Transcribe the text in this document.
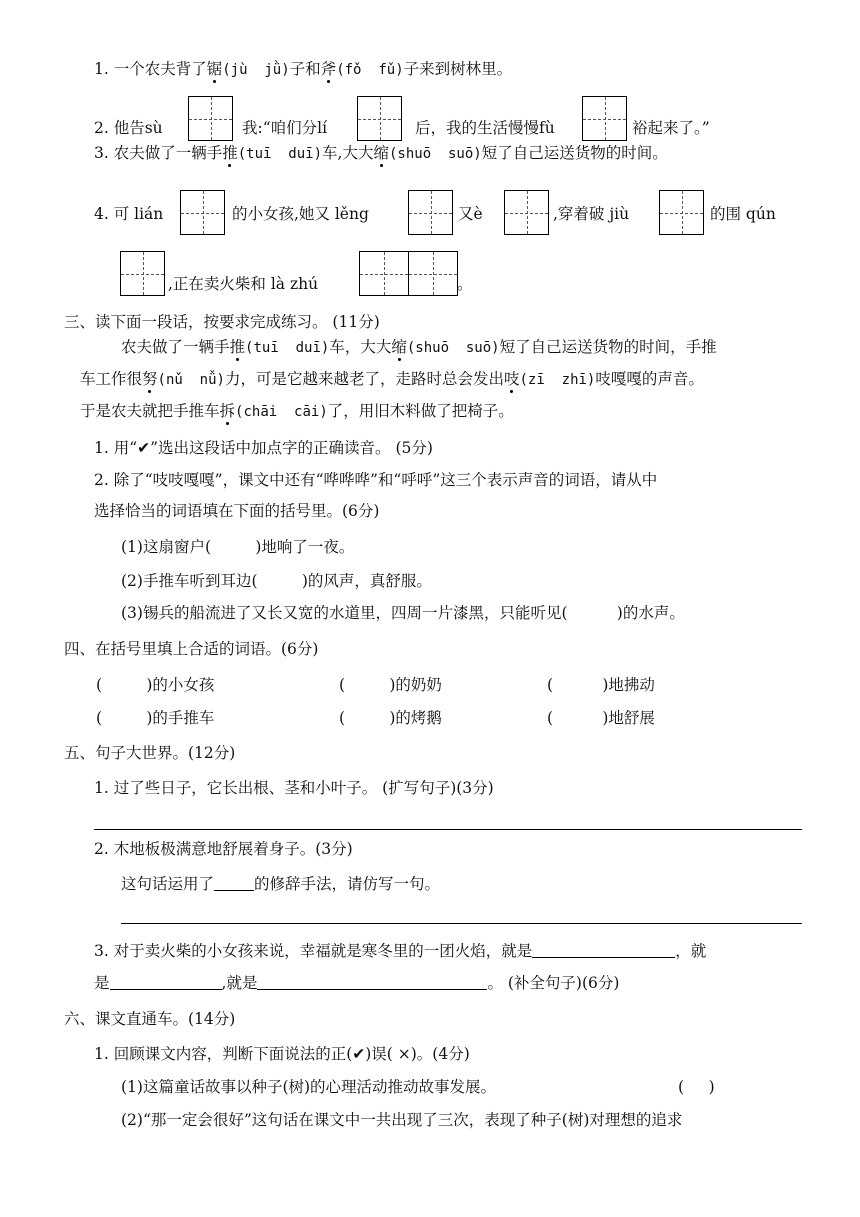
1. 一个农夫背了锯(jù  jǜ)子和斧(fǒ  fǔ)子来到树林里。
2. 他告sù	我:“咱们分lí	后，我的生活慢慢fù	裕起来了。”
3. 农夫做了一辆手推(tuī  duī)车,大大缩(shuō  suō)短了自己运送货物的时间。
4. 可 lián	的小女孩,她又 lěng	又è	,穿着破 jiù	的围 qún
,正在卖火柴和 là zhú	。
三、读下面一段话，按要求完成练习。 (11分)
农夫做了一辆手推(tuī  duī)车，大大缩(shuō  suō)短了自己运送货物的时间，手推
车工作很努(nǔ  nǚ)力，可是它越来越老了，走路时总会发出吱(zī  zhī)吱嘎嘎的声音。
于是农夫就把手推车拆(chāi  cāi)了，用旧木料做了把椅子。
1. 用“✔”选出这段话中加点字的正确读音。 (5分)
2. 除了“吱吱嘎嘎”，课文中还有“哗哗哗”和“呼呼”这三个表示声音的词语，请从中
选择恰当的词语填在下面的括号里。(6分)
(1)这扇窗户(         )地响了一夜。
(2)手推车听到耳边(         )的风声，真舒服。
(3)锡兵的船流进了又长又宽的水道里，四周一片漆黑，只能听见(          )的水声。
四、在括号里填上合适的词语。(6分)
(         )的小女孩	(         )的奶奶	(          )地拂动
(         )的手推车	(         )的烤鹅	(          )地舒展
五、句子大世界。(12分)
1. 过了些日子，它长出根、茎和小叶子。 (扩写句子)(3分)
2. 木地板极满意地舒展着身子。(3分)
这句话运用了	的修辞手法，请仿写一句。
3. 对于卖火柴的小女孩来说，幸福就是寒冬里的一团火焰，就是	，就
是	,就是	。 (补全句子)(6分)
六、课文直通车。(14分)
1. 回顾课文内容，判断下面说法的正(✔)误( ×)。(4分)
(1)这篇童话故事以种子(树)的心理活动推动故事发展。	(     )
(2)“那一定会很好”这句话在课文中一共出现了三次，表现了种子(树)对理想的追求
